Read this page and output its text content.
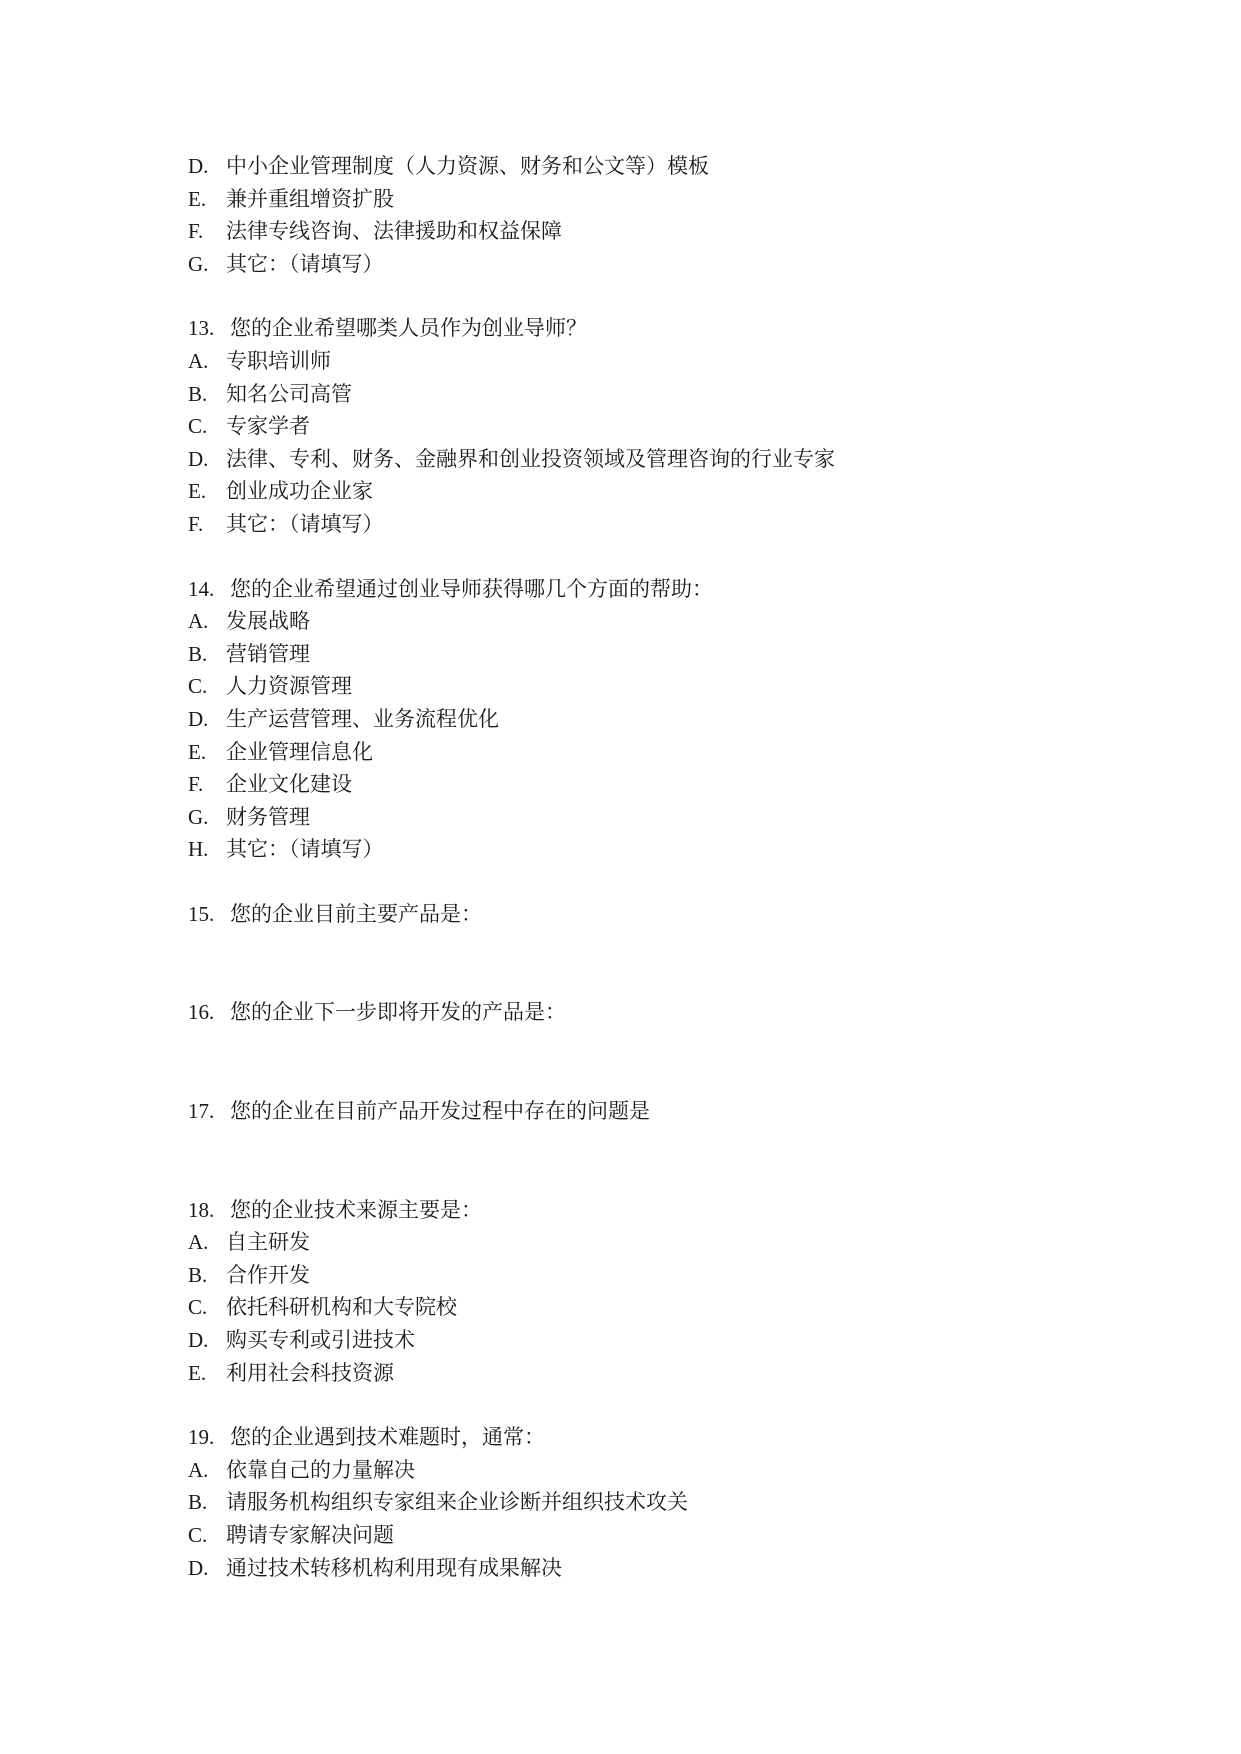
D. 中小企业管理制度（人力资源、财务和公文等）模板
E. 兼并重组增资扩股
F. 法律专线咨询、法律援助和权益保障
G. 其它：（请填写）
13. 您的企业希望哪类人员作为创业导师？
A. 专职培训师
B. 知名公司高管
C. 专家学者
D. 法律、专利、财务、金融界和创业投资领域及管理咨询的行业专家
E. 创业成功企业家
F. 其它：（请填写）
14. 您的企业希望通过创业导师获得哪几个方面的帮助：
A. 发展战略
B. 营销管理
C. 人力资源管理
D. 生产运营管理、业务流程优化
E. 企业管理信息化
F. 企业文化建设
G. 财务管理
H. 其它：（请填写）
15. 您的企业目前主要产品是：
16. 您的企业下一步即将开发的产品是：
17. 您的企业在目前产品开发过程中存在的问题是
18. 您的企业技术来源主要是：
A. 自主研发
B. 合作开发
C. 依托科研机构和大专院校
D. 购买专利或引进技术
E. 利用社会科技资源
19. 您的企业遇到技术难题时，通常：
A. 依靠自己的力量解决
B. 请服务机构组织专家组来企业诊断并组织技术攻关
C. 聘请专家解决问题
D. 通过技术转移机构利用现有成果解决
